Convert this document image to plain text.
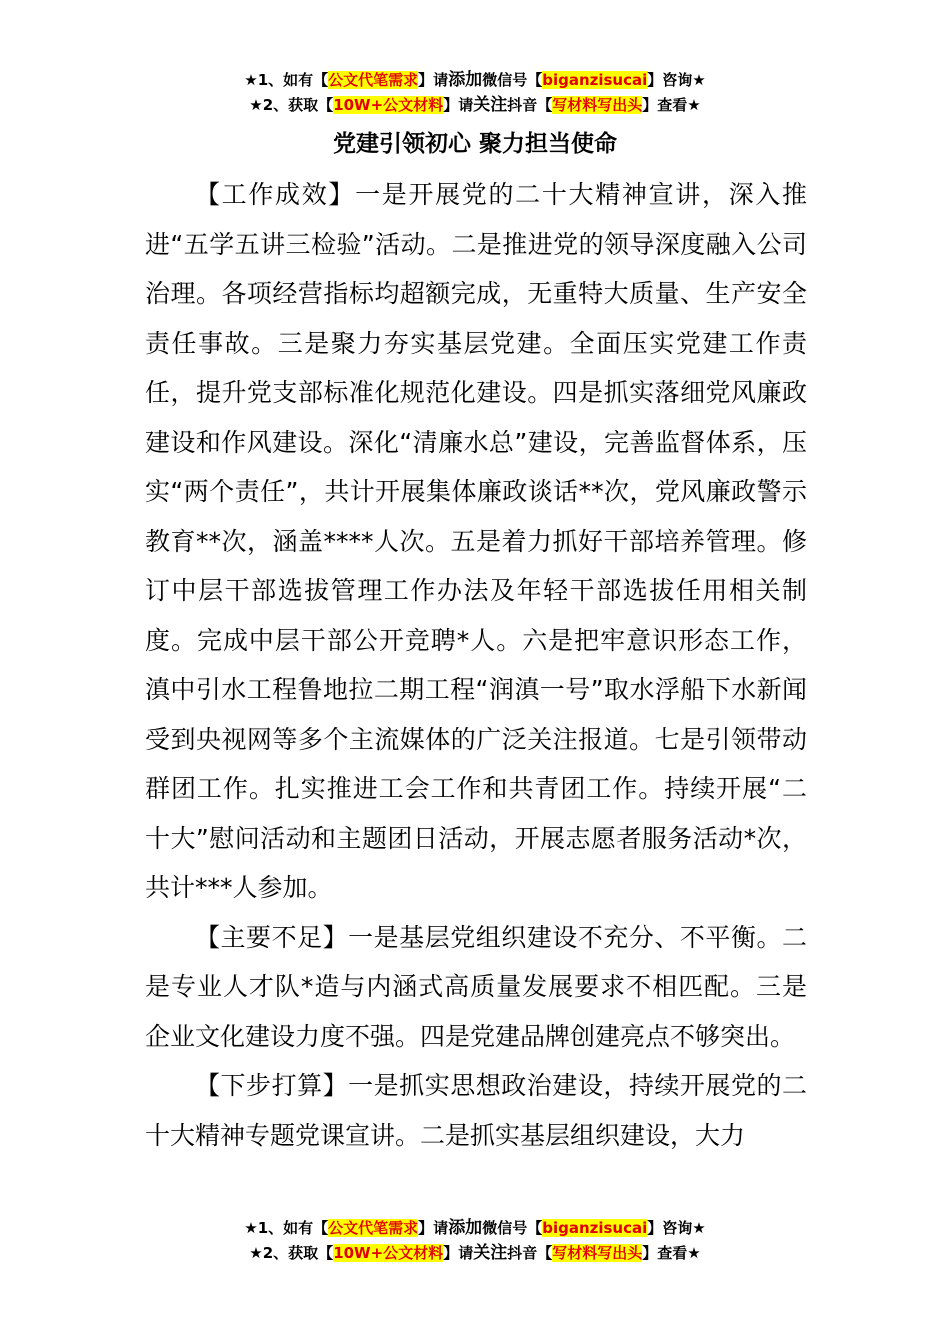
★1、如有【公文代笔需求】请添加微信号【biganzisucai】咨询★
★2、获取【10W+公文材料】请关注抖音【写材料写出头】查看★
党建引领初心 聚力担当使命

【工作成效】一是开展党的二十大精神宣讲，深入推进“五学五讲三检验”活动。二是推进党的领导深度融入公司治理。各项经营指标均超额完成，无重特大质量、生产安全责任事故。三是聚力夯实基层党建。全面压实党建工作责任，提升党支部标准化规范化建设。四是抓实落细党风廉政建设和作风建设。深化“清廉水总”建设，完善监督体系，压实“两个责任”，共计开展集体廉政谈话**次，党风廉政警示教育**次，涵盖****人次。五是着力抓好干部培养管理。修订中层干部选拔管理工作办法及年轻干部选拔任用相关制度。完成中层干部公开竞聘*人。六是把牢意识形态工作，滇中引水工程鲁地拉二期工程“润滇一号”取水浮船下水新闻受到央视网等多个主流媒体的广泛关注报道。七是引领带动群团工作。扎实推进工会工作和共青团工作。持续开展“二十大”慰问活动和主题团日活动，开展志愿者服务活动*次，共计***人参加。

【主要不足】一是基层党组织建设不充分、不平衡。二是专业人才队*造与内涵式高质量发展要求不相匹配。三是企业文化建设力度不强。四是党建品牌创建亮点不够突出。

【下步打算】一是抓实思想政治建设，持续开展党的二十大精神专题党课宣讲。二是抓实基层组织建设，大力

★1、如有【公文代笔需求】请添加微信号【biganzisucai】咨询★
★2、获取【10W+公文材料】请关注抖音【写材料写出头】查看★
